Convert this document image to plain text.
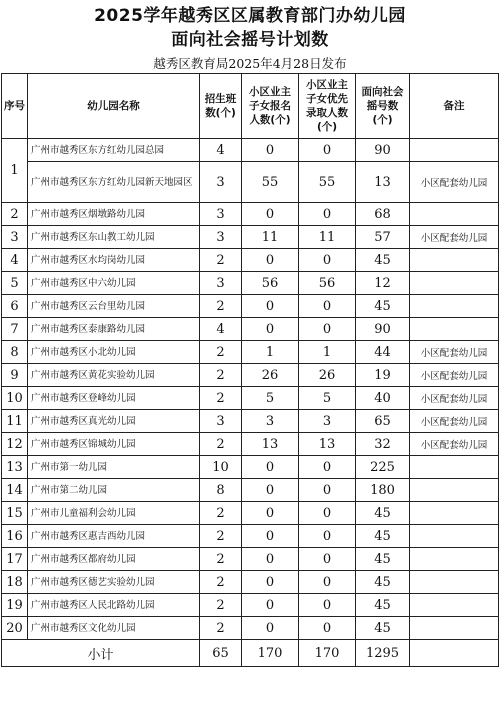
2025学年越秀区区属教育部门办幼儿园
面向社会摇号计划数
越秀区教育局2025年4月28日发布
序号	幼儿园名称	招生班数(个)	小区业主子女报名人数(个)	小区业主子女优先录取人数(个)	面向社会摇号数(个)	备注
1	广州市越秀区东方红幼儿园总园	4	0	0	90	
	广州市越秀区东方红幼儿园新天地园区	3	55	55	13	小区配套幼儿园
2	广州市越秀区烟墩路幼儿园	3	0	0	68	
3	广州市越秀区东山教工幼儿园	3	11	11	57	小区配套幼儿园
4	广州市越秀区水均岗幼儿园	2	0	0	45	
5	广州市越秀区中六幼儿园	3	56	56	12	
6	广州市越秀区云台里幼儿园	2	0	0	45	
7	广州市越秀区泰康路幼儿园	4	0	0	90	
8	广州市越秀区小北幼儿园	2	1	1	44	小区配套幼儿园
9	广州市越秀区黄花实验幼儿园	2	26	26	19	小区配套幼儿园
10	广州市越秀区登峰幼儿园	2	5	5	40	小区配套幼儿园
11	广州市越秀区真光幼儿园	3	3	3	65	小区配套幼儿园
12	广州市越秀区锦城幼儿园	2	13	13	32	小区配套幼儿园
13	广州市第一幼儿园	10	0	0	225	
14	广州市第二幼儿园	8	0	0	180	
15	广州市儿童福利会幼儿园	2	0	0	45	
16	广州市越秀区惠吉西幼儿园	2	0	0	45	
17	广州市越秀区都府幼儿园	2	0	0	45	
18	广州市越秀区德艺实验幼儿园	2	0	0	45	
19	广州市越秀区人民北路幼儿园	2	0	0	45	
20	广州市越秀区文化幼儿园	2	0	0	45	
小计		65	170	170	1295	
